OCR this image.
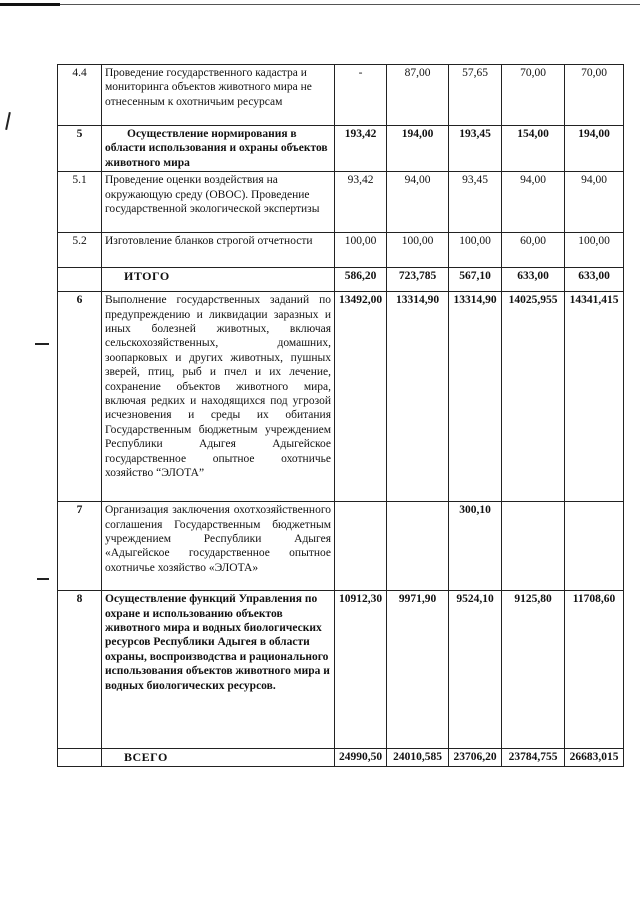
4.4	Проведение государственного кадастра и мониторинга объектов животного мира не отнесенным к охотничьим ресурсам	-	87,00	57,65	70,00	70,00
5	Осуществление нормирования в области использования и охраны объектов животного мира	193,42	194,00	193,45	154,00	194,00
5.1	Проведение оценки воздействия на окружающую среду (ОВОС). Проведение государственной экологической экспертизы	93,42	94,00	93,45	94,00	94,00
5.2	Изготовление бланков строгой отчетности	100,00	100,00	100,00	60,00	100,00
	ИТОГО	586,20	723,785	567,10	633,00	633,00
6	Выполнение государственных заданий по предупреждению и ликвидации заразных и иных болезней животных, включая сельскохозяйственных, домашних, зоопарковых и других животных, пушных зверей, птиц, рыб и пчел и их лечение, сохранение объектов животного мира, включая редких и находящихся под угрозой исчезновения и среды их обитания Государственным бюджетным учреждением Республики Адыгея Адыгейское государственное опытное охотничье хозяйство “ЭЛОТА”	13492,00	13314,90	13314,90	14025,955	14341,415
7	Организация заключения охотхозяйственного соглашения Государственным бюджетным учреждением Республики Адыгея «Адыгейское государственное опытное охотничье хозяйство «ЭЛОТА»			300,10		
8	Осуществление функций Управления по охране и использованию объектов животного мира и водных биологических ресурсов Республики Адыгея в области охраны, воспроизводства и рационального использования объектов животного мира и водных биологических ресурсов.	10912,30	9971,90	9524,10	9125,80	11708,60
	ВСЕГО	24990,50	24010,585	23706,20	23784,755	26683,015
